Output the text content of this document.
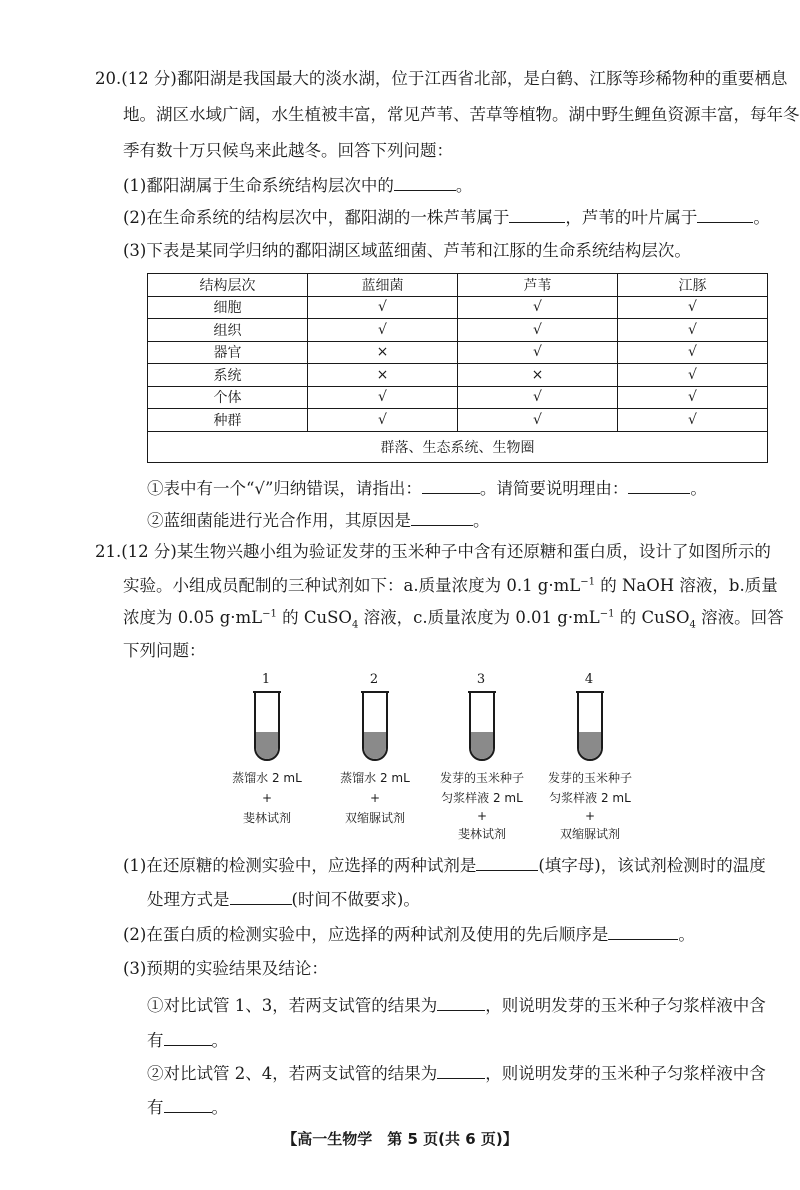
20.(12 分)鄱阳湖是我国最大的淡水湖，位于江西省北部，是白鹤、江豚等珍稀物种的重要栖息
地。湖区水域广阔，水生植被丰富，常见芦苇、苦草等植物。湖中野生鲤鱼资源丰富，每年冬
季有数十万只候鸟来此越冬。回答下列问题：
(1)鄱阳湖属于生命系统结构层次中的	。
(2)在生命系统的结构层次中，鄱阳湖的一株芦苇属于	，芦苇的叶片属于	。
(3)下表是某同学归纳的鄱阳湖区域蓝细菌、芦苇和江豚的生命系统结构层次。
结构层次	蓝细菌	芦苇	江豚
细胞	√	√	√
组织	√	√	√
器官	×	√	√
系统	×	×	√
个体	√	√	√
种群	√	√	√
群落、生态系统、生物圈			
①表中有一个“√”归纳错误，请指出：	。请简要说明理由：	。
②蓝细菌能进行光合作用，其原因是	。
21.(12 分)某生物兴趣小组为验证发芽的玉米种子中含有还原糖和蛋白质，设计了如图所示的
实验。小组成员配制的三种试剂如下：a.质量浓度为 0.1 $g\cdot mL^{-1}$ 的 NaOH 溶液，b.质量
浓度为 0.05 $g\cdot mL^{-1}$ 的 CuSO$_4$ 溶液，c.质量浓度为 0.01 $g\cdot mL^{-1}$ 的 CuSO$_4$ 溶液。回答
下列问题：
1
蒸馏水 2 mL
+
斐林试剂
2
蒸馏水 2 mL
+
双缩脲试剂
3
发芽的玉米种子
匀浆样液 2 mL
+
斐林试剂
4
发芽的玉米种子
匀浆样液 2 mL
+
双缩脲试剂
(1)在还原糖的检测实验中，应选择的两种试剂是	(填字母)，该试剂检测时的温度
处理方式是	(时间不做要求)。
(2)在蛋白质的检测实验中，应选择的两种试剂及使用的先后顺序是	。
(3)预期的实验结果及结论：
①对比试管 1、3，若两支试管的结果为	，则说明发芽的玉米种子匀浆样液中含
有	。
②对比试管 2、4，若两支试管的结果为	，则说明发芽的玉米种子匀浆样液中含
有	。
【高一生物学　第 5 页(共 6 页)】
